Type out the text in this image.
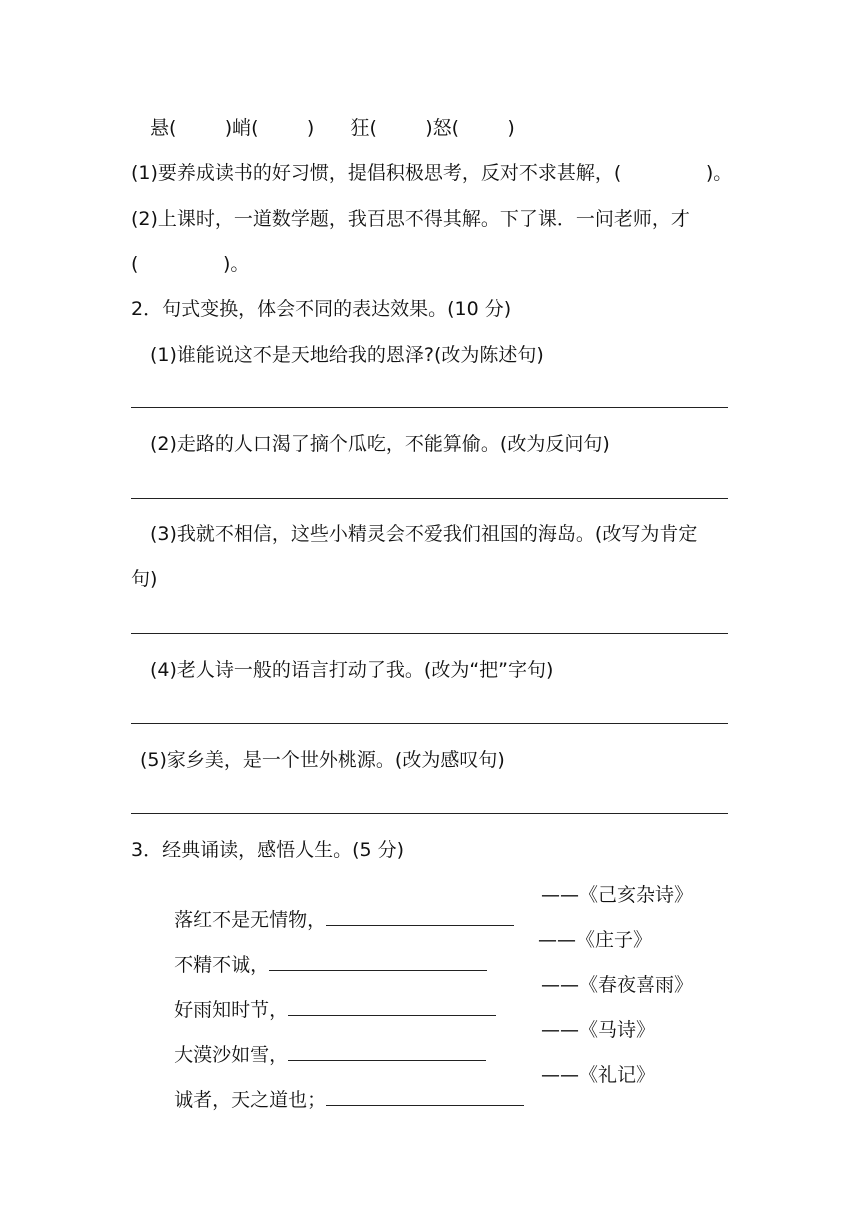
悬(        )峭(        )      狂(        )怒(        )
(1)要养成读书的好习惯，提倡积极思考，反对不求甚解，(              )。
(2)上课时，一道数学题，我百思不得其解。下了课．一问老师，才
(              )。
2．句式变换，体会不同的表达效果。(10 分)
(1)谁能说这不是天地给我的恩泽?(改为陈述句)
(2)走路的人口渴了摘个瓜吃，不能算偷。(改为反问句)
(3)我就不相信，这些小精灵会不爱我们祖国的海岛。(改写为肯定
句)
(4)老人诗一般的语言打动了我。(改为“把”字句)
(5)家乡美，是一个世外桃源。(改为感叹句)
3．经典诵读，感悟人生。(5 分)

落红不是无情物，

——《己亥杂诗》

不精不诚，

——《庄子》

好雨知时节，

——《春夜喜雨》

大漠沙如雪，

——《马诗》

诚者，天之道也；

——《礼记》
